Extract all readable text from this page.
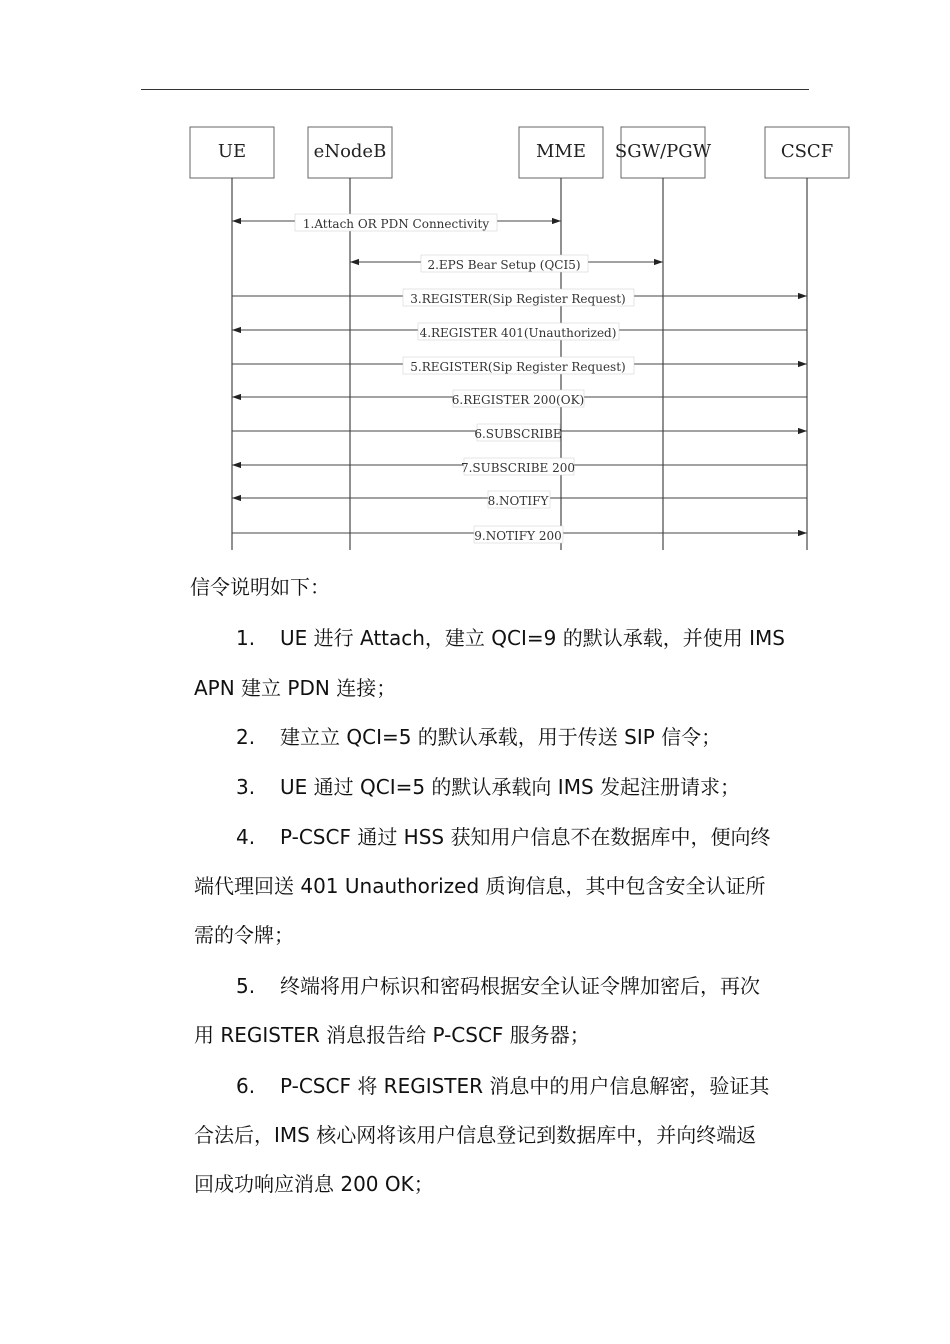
UE	eNodeB	MME SGW/PGW	CSCF
1.Attach OR PDN Connectivity
2.EPS Bear Setup (QCI5)
3.REGISTER(Sip Register Request)
4.REGISTER 401(Unauthorized)
5.REGISTER(Sip Register Request)
6.REGISTER 200(OK)
6.SUBSCRIBE
7.SUBSCRIBE 200
8.NOTIFY
9.NOTIFY 200
信令说明如下：
1. UE 进行 Attach，建立 QCI=9 的默认承载，并使用 IMS
APN 建立 PDN 连接；
2. 建立立 QCI=5 的默认承载，用于传送 SIP 信令；
3. UE 通过 QCI=5 的默认承载向 IMS 发起注册请求；
4. P-CSCF 通过 HSS 获知用户信息不在数据库中，便向终
端代理回送 401 Unauthorized 质询信息，其中包含安全认证所
需的令牌；
5. 终端将用户标识和密码根据安全认证令牌加密后，再次
用 REGISTER 消息报告给 P-CSCF 服务器；
6. P-CSCF 将 REGISTER 消息中的用户信息解密，验证其
合法后，IMS 核心网将该用户信息登记到数据库中，并向终端返
回成功响应消息 200 OK；
